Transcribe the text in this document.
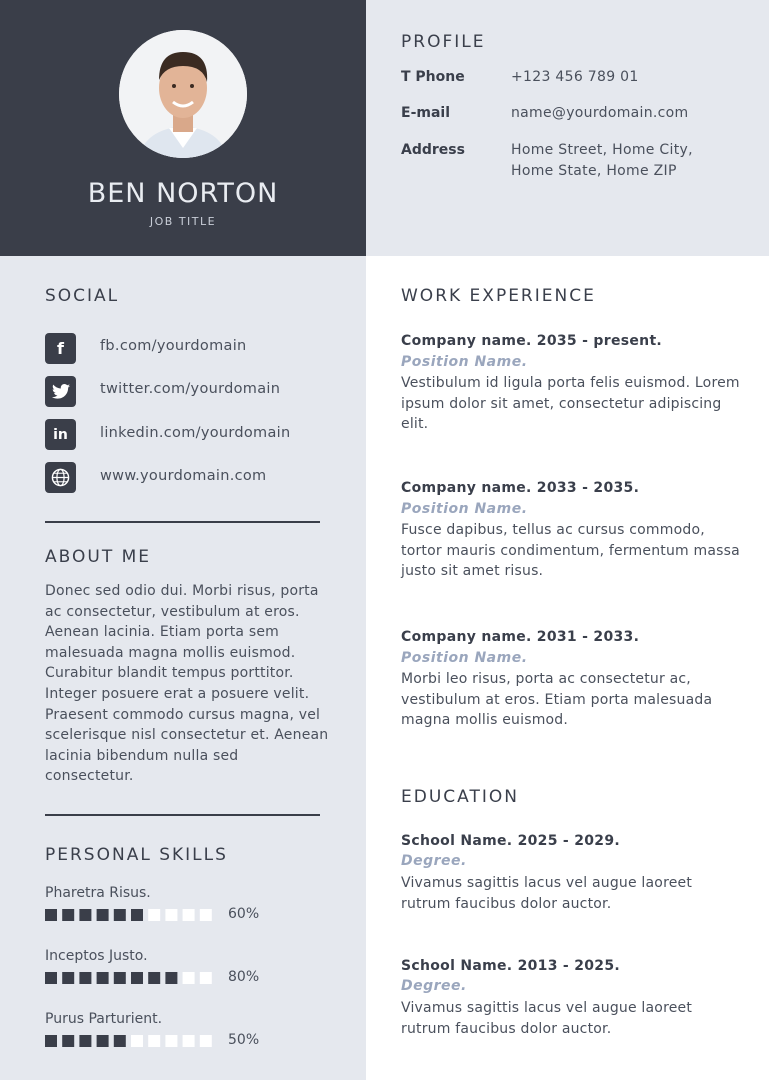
BEN NORTON
JOB TITLE
PROFILE
T Phone	+123 456 789 01
E-mail	name@yourdomain.com
Address	Home Street, Home City,
Home State, Home ZIP
SOCIAL
f fb.com/yourdomain
twitter.com/yourdomain
in linkedin.com/yourdomain
www.yourdomain.com
ABOUT ME
Donec sed odio dui. Morbi risus, porta ac consectetur, vestibulum at eros. Aenean lacinia. Etiam porta sem malesuada magna mollis euismod. Curabitur blandit tempus porttitor. Integer posuere erat a posuere velit. Praesent commodo cursus magna, vel scelerisque nisl consectetur et. Aenean lacinia bibendum nulla sed consectetur.
PERSONAL SKILLS
Pharetra Risus.
60%
Inceptos Justo.
80%
Purus Parturient.
50%
WORK EXPERIENCE
Company name. 2035 - present.
Position Name.
Vestibulum id ligula porta felis euismod. Lorem ipsum dolor sit amet, consectetur adipiscing elit.
Company name. 2033 - 2035.
Position Name.
Fusce dapibus, tellus ac cursus commodo, tortor mauris condimentum, fermentum massa justo sit amet risus.
Company name. 2031 - 2033.
Position Name.
Morbi leo risus, porta ac consectetur ac, vestibulum at eros. Etiam porta malesuada magna mollis euismod.
EDUCATION
School Name. 2025 - 2029.
Degree.
Vivamus sagittis lacus vel augue laoreet rutrum faucibus dolor auctor.
School Name. 2013 - 2025.
Degree.
Vivamus sagittis lacus vel augue laoreet rutrum faucibus dolor auctor.
